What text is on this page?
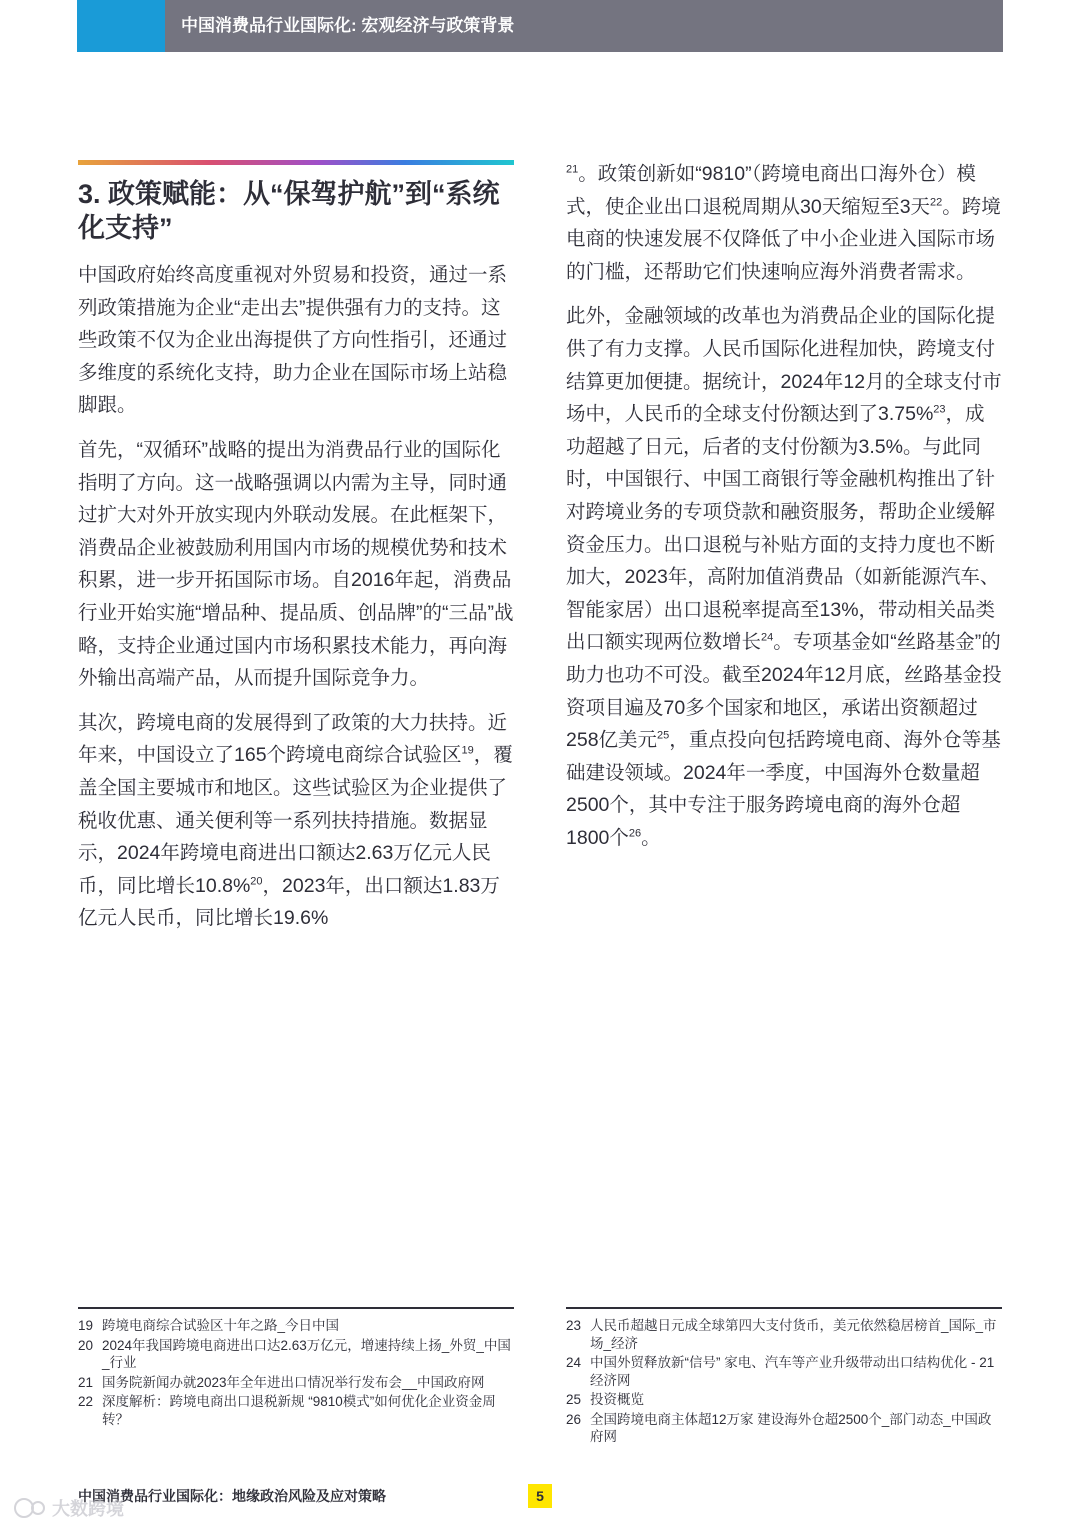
中国消费品行业国际化: 宏观经济与政策背景
3. 政策赋能：从“保驾护航”到“系统化支持”

中国政府始终高度重视对外贸易和投资，通过一系列政策措施为企业“走出去”提供强有力的支持。这些政策不仅为企业出海提供了方向性指引，还通过多维度的系统化支持，助力企业在国际市场上站稳脚跟。

首先，“双循环”战略的提出为消费品行业的国际化指明了方向。这一战略强调以内需为主导，同时通过扩大对外开放实现内外联动发展。在此框架下，消费品企业被鼓励利用国内市场的规模优势和技术积累，进一步开拓国际市场。自2016年起，消费品行业开始实施“增品种、提品质、创品牌”的“三品”战略，支持企业通过国内市场积累技术能力，再向海外输出高端产品，从而提升国际竞争力。

其次，跨境电商的发展得到了政策的大力扶持。近年来，中国设立了165个跨境电商综合试验区$^{19}$，覆盖全国主要城市和地区。这些试验区为企业提供了税收优惠、通关便利等一系列扶持措施。数据显示，2024年跨境电商进出口额达2.63万亿元人民币，同比增长10.8%$^{20}$，2023年，出口额达1.83万亿元人民币，同比增长19.6%

$^{21}$。政策创新如“9810”（跨境电商出口海外仓）模式，使企业出口退税周期从30天缩短至3天$^{22}$。跨境电商的快速发展不仅降低了中小企业进入国际市场的门槛，还帮助它们快速响应海外消费者需求。

此外，金融领域的改革也为消费品企业的国际化提供了有力支撑。人民币国际化进程加快，跨境支付结算更加便捷。据统计，2024年12月的全球支付市场中，人民币的全球支付份额达到了3.75%$^{23}$，成功超越了日元，后者的支付份额为3.5%。与此同时，中国银行、中国工商银行等金融机构推出了针对跨境业务的专项贷款和融资服务，帮助企业缓解资金压力。出口退税与补贴方面的支持力度也不断加大，2023年，高附加值消费品（如新能源汽车、智能家居）出口退税率提高至13%，带动相关品类出口额实现两位数增长$^{24}$。专项基金如“丝路基金”的助力也功不可没。截至2024年12月底，丝路基金投资项目遍及70多个国家和地区，承诺出资额超过258亿美元$^{25}$，重点投向包括跨境电商、海外仓等基础建设领域。2024年一季度，中国海外仓数量超2500个，其中专注于服务跨境电商的海外仓超1800个$^{26}$。

19 跨境电商综合试验区十年之路_今日中国
20 2024年我国跨境电商进出口达2.63万亿元，增速持续上扬_外贸_中国_行业
21 国务院新闻办就2023年全年进出口情况举行发布会__中国政府网
22 深度解析：跨境电商出口退税新规 “9810模式”如何优化企业资金周转？
23 人民币超越日元成全球第四大支付货币，美元依然稳居榜首_国际_市场_经济
24 中国外贸释放新“信号” 家电、汽车等产业升级带动出口结构优化 - 21经济网
25 投资概览
26 全国跨境电商主体超12万家 建设海外仓超2500个_部门动态_中国政府网
中国消费品行业国际化：地缘政治风险及应对策略	5
大数跨境
